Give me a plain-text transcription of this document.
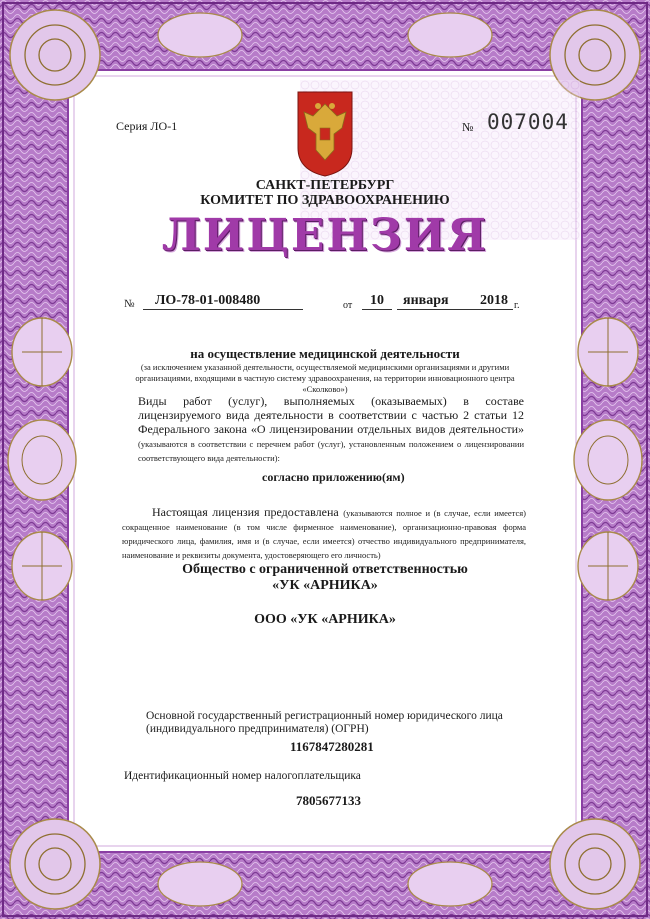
Серия ЛО-1	№ 007004
САНКТ-ПЕТЕРБУРГ
КОМИТЕТ ПО ЗДРАВООХРАНЕНИЮ
ЛИЦЕНЗИЯ
№	ЛО-78-01-008480	от	10	января	2018 г.
на осуществление медицинской деятельности
(за исключением указанной деятельности, осуществляемой медицинскими организациями и другими организациями, входящими в частную систему здравоохранения, на территории инновационного центра «Сколково»)
Виды работ (услуг), выполняемых (оказываемых) в составе лицензируемого вида деятельности в соответствии с частью 2 статьи 12 Федерального закона «О лицензировании отдельных видов деятельности» (указываются в соответствии с перечнем работ (услуг), установленным положением о лицензировании соответствующего вида деятельности):
согласно приложению(ям)
Настоящая лицензия предоставлена (указываются полное и (в случае, если имеется) сокращенное наименование (в том числе фирменное наименование), организационно-правовая форма юридического лица, фамилия, имя и (в случае, если имеется) отчество индивидуального предпринимателя, наименование и реквизиты документа, удостоверяющего его личность)
Общество с ограниченной ответственностью
«УК «АРНИКА»
ООО «УК «АРНИКА»
Основной государственный регистрационный номер юридического лица (индивидуального предпринимателя) (ОГРН)
1167847280281
Идентификационный номер налогоплательщика
7805677133
